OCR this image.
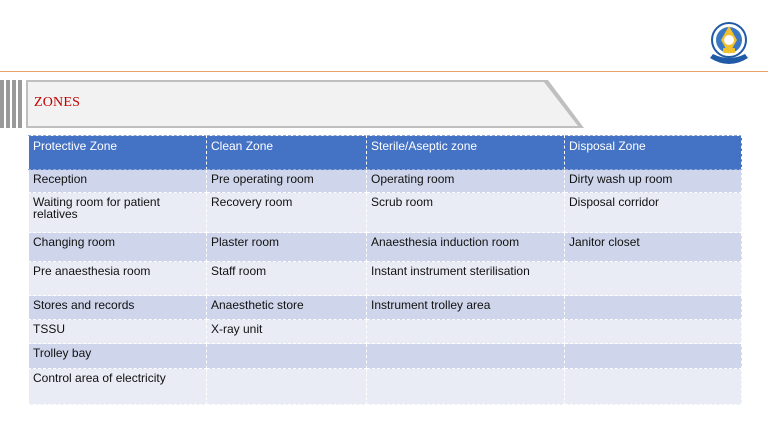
ZONES
Protective Zone	Clean Zone	Sterile/Aseptic zone	Disposal Zone
Reception	Pre operating room	Operating room	Dirty wash up room
Waiting room for patient relatives	Recovery room	Scrub room	Disposal corridor
Changing room	Plaster room	Anaesthesia induction room	Janitor closet
Pre anaesthesia room	Staff room	Instant instrument sterilisation	
Stores and records	Anaesthetic store	Instrument trolley area	
TSSU	X-ray unit		
Trolley bay			
Control area of electricity			
